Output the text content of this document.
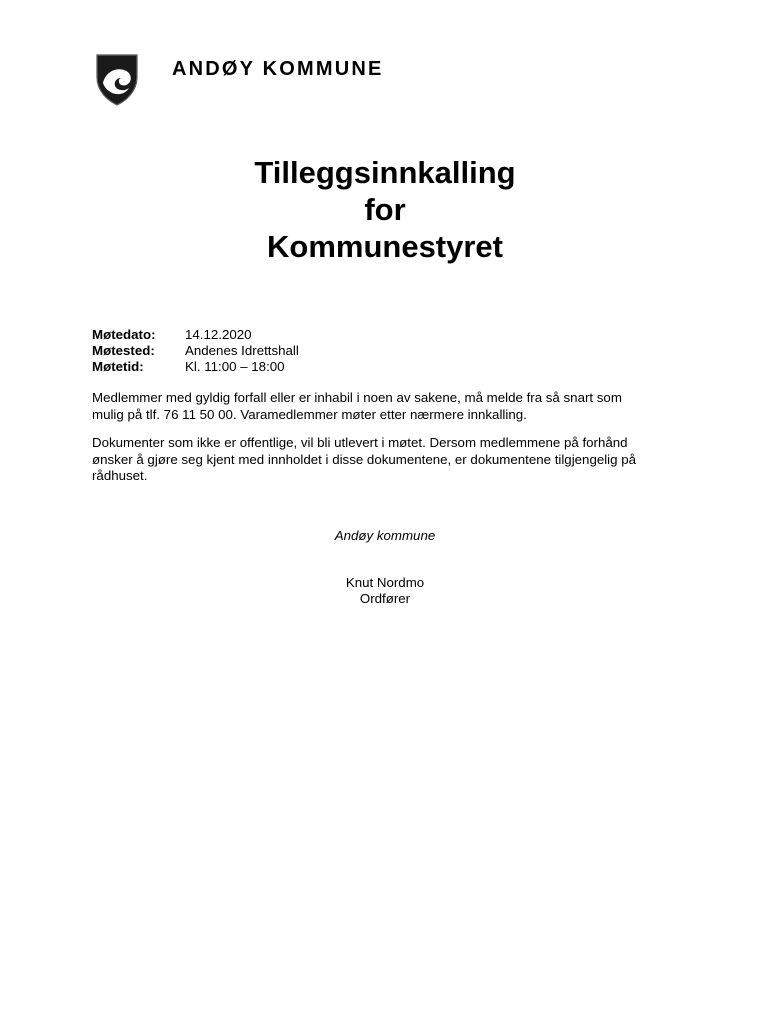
ANDØY KOMMUNE
Tilleggsinnkalling
for
Kommunestyret
Møtedato:	14.12.2020
Møtested:	Andenes Idrettshall
Møtetid:	Kl. 11:00 – 18:00

Medlemmer med gyldig forfall eller er inhabil i noen av sakene, må melde fra så snart som
mulig på tlf. 76 11 50 00. Varamedlemmer møter etter nærmere innkalling.

Dokumenter som ikke er offentlige, vil bli utlevert i møtet. Dersom medlemmene på forhånd
ønsker å gjøre seg kjent med innholdet i disse dokumentene, er dokumentene tilgjengelig på
rådhuset.

Andøy kommune
Knut Nordmo
Ordfører
